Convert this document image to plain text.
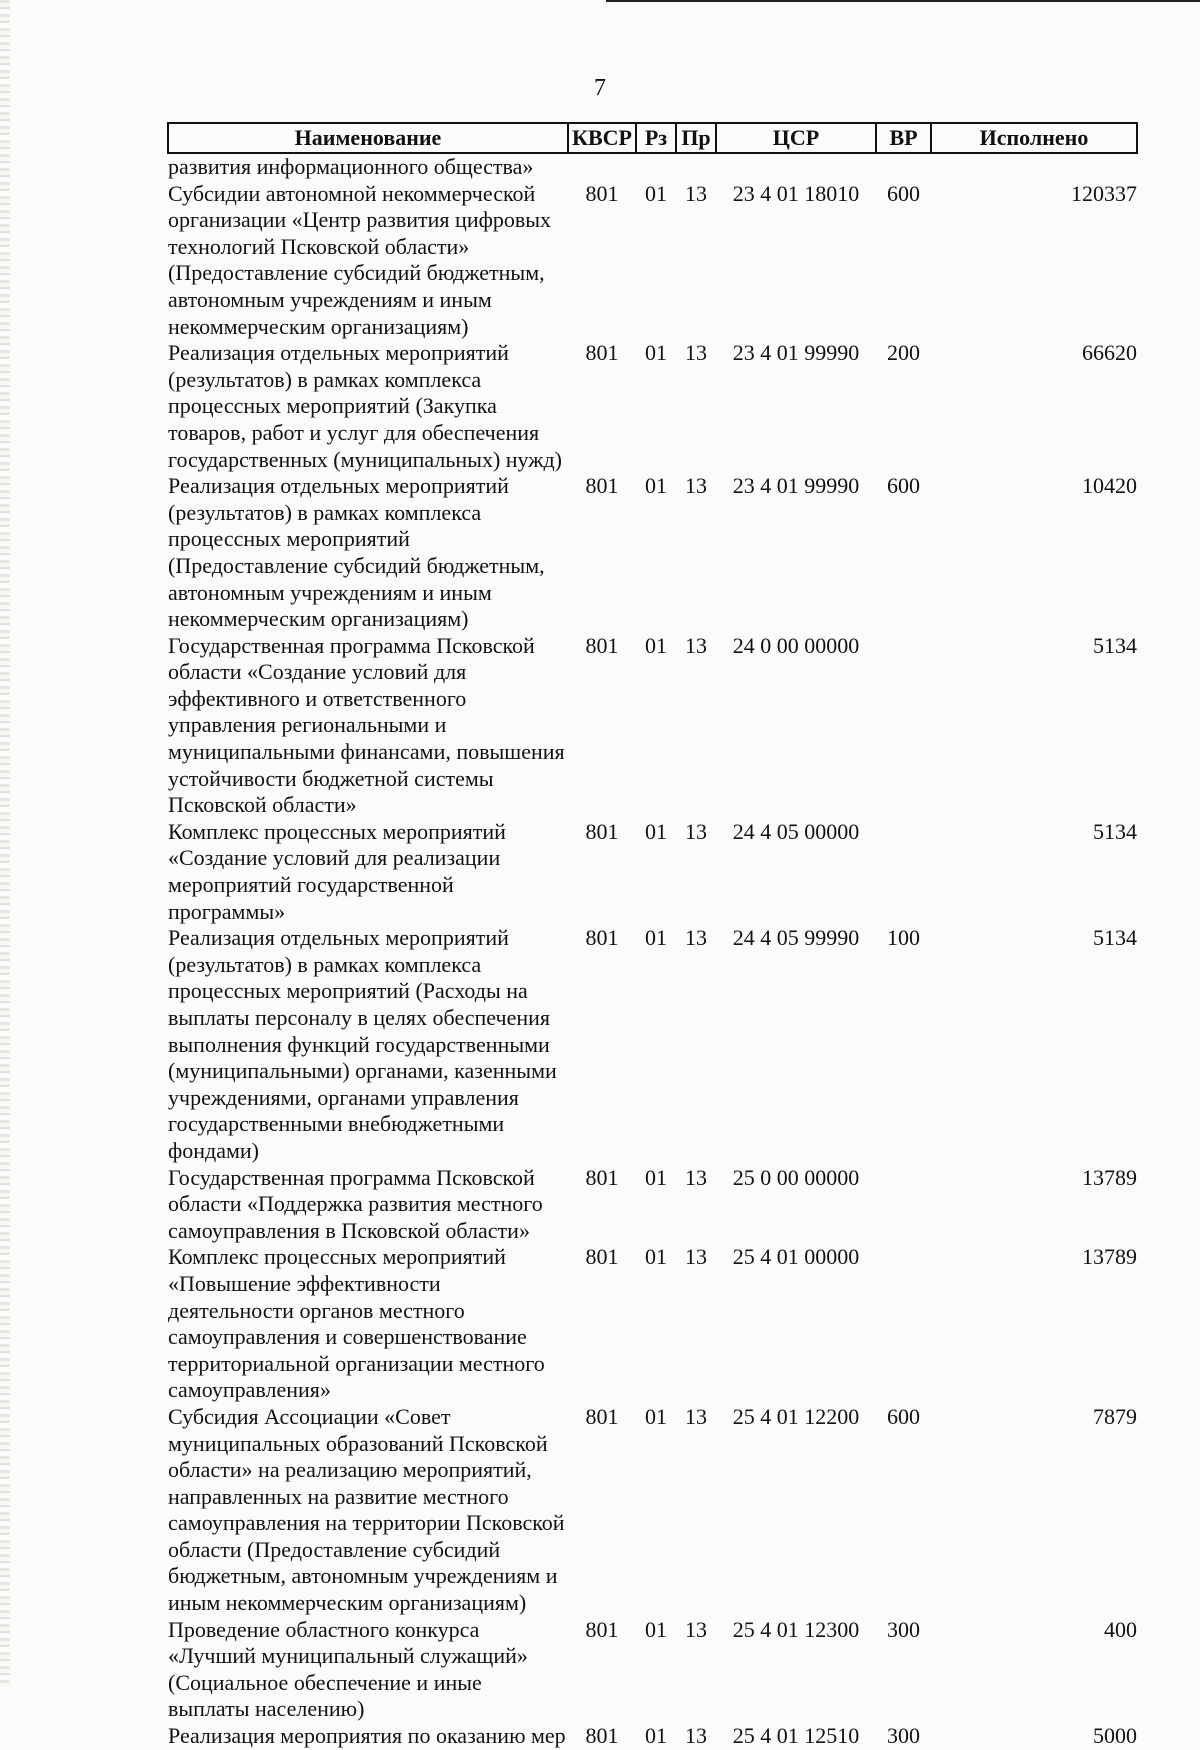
7
Наименование	КВСР	Рз	Пр	ЦСР	ВР	Исполнено
развития информационного общества»						
Субсидии автономной некоммерческой организации «Центр развития цифровых технологий Псковской области» (Предоставление субсидий бюджетным, автономным учреждениям и иным некоммерческим организациям)	801	01	13	23 4 01 18010	600	120337
Реализация отдельных мероприятий (результатов) в рамках комплекса процессных мероприятий (Закупка товаров, работ и услуг для обеспечения государственных (муниципальных) нужд)	801	01	13	23 4 01 99990	200	66620
Реализация отдельных мероприятий (результатов) в рамках комплекса процессных мероприятий (Предоставление субсидий бюджетным, автономным учреждениям и иным некоммерческим организациям)	801	01	13	23 4 01 99990	600	10420
Государственная программа Псковской области «Создание условий для эффективного и ответственного управления региональными и муниципальными финансами, повышения устойчивости бюджетной системы Псковской области»	801	01	13	24 0 00 00000		5134
Комплекс процессных мероприятий «Создание условий для реализации мероприятий государственной программы»	801	01	13	24 4 05 00000		5134
Реализация отдельных мероприятий (результатов) в рамках комплекса процессных мероприятий (Расходы на выплаты персоналу в целях обеспечения выполнения функций государственными (муниципальными) органами, казенными учреждениями, органами управления государственными внебюджетными фондами)	801	01	13	24 4 05 99990	100	5134
Государственная программа Псковской области «Поддержка развития местного самоуправления в Псковской области»	801	01	13	25 0 00 00000		13789
Комплекс процессных мероприятий «Повышение эффективности деятельности органов местного самоуправления и совершенствование территориальной организации местного самоуправления»	801	01	13	25 4 01 00000		13789
Субсидия Ассоциации «Совет муниципальных образований Псковской области» на реализацию мероприятий, направленных на развитие местного самоуправления на территории Псковской области (Предоставление субсидий бюджетным, автономным учреждениям и иным некоммерческим организациям)	801	01	13	25 4 01 12200	600	7879
Проведение областного конкурса «Лучший муниципальный служащий» (Социальное обеспечение и иные выплаты населению)	801	01	13	25 4 01 12300	300	400
Реализация мероприятия по оказанию мер	801	01	13	25 4 01 12510	300	5000
